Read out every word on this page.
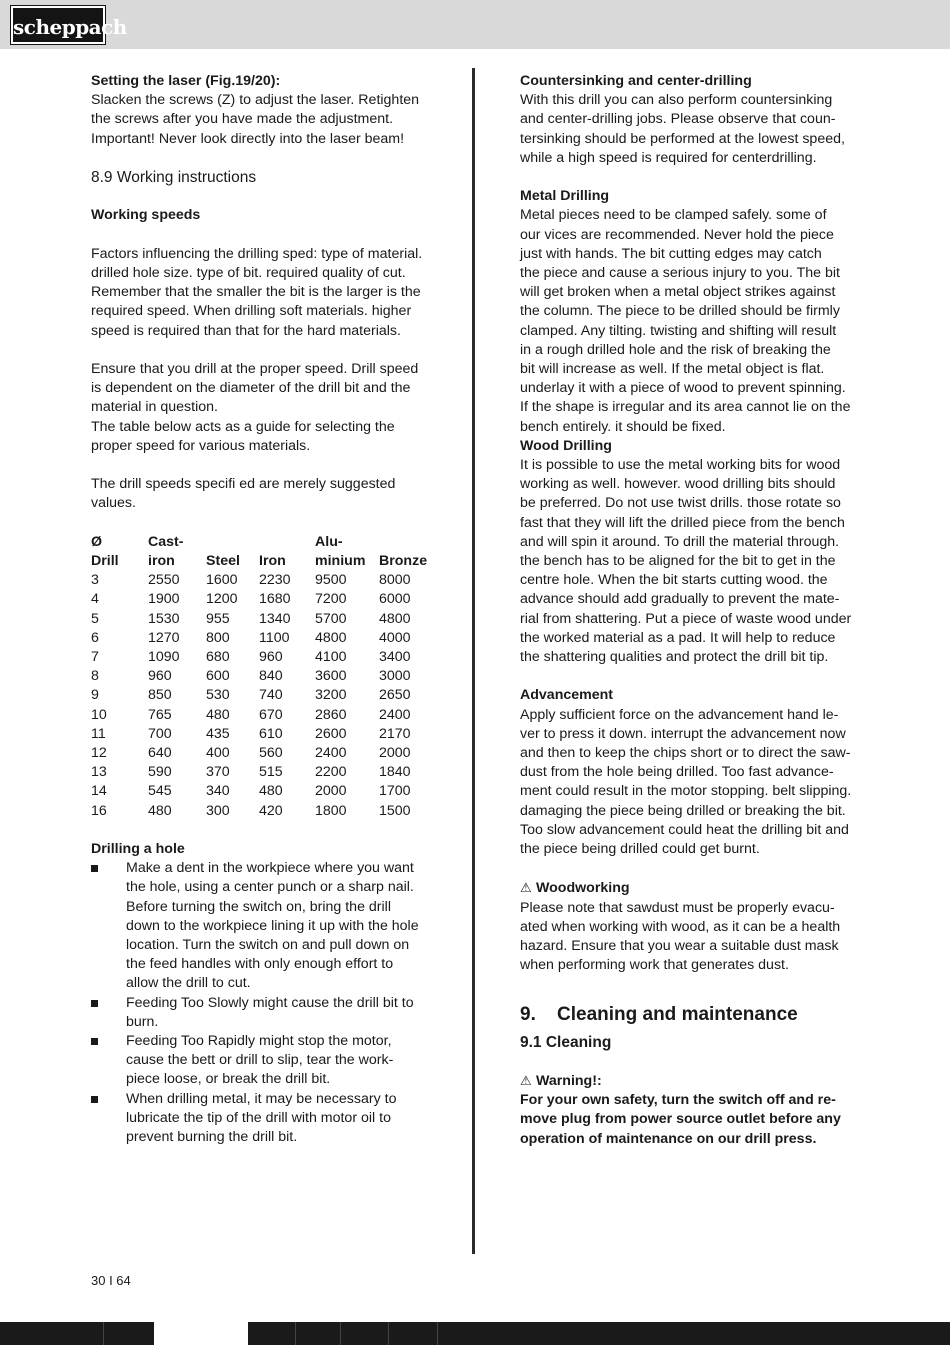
scheppach

Setting the laser (Fig.19/20):

Slacken the screws (Z) to adjust the laser. Retighten

the screws after you have made the adjustment.

Important! Never look directly into the laser beam!

8.9 Working instructions

Working speeds

Factors influencing the drilling sped: type of material.

drilled hole size. type of bit. required quality of cut.

Remember that the smaller the bit is the larger is the

required speed. When drilling soft materials. higher

speed is required than that for the hard materials.

Ensure that you drill at the proper speed. Drill speed

is dependent on the diameter of the drill bit and the

material in question.

The table below acts as a guide for selecting the

proper speed for various materials.

The drill speeds specifi ed are merely suggested

values.

Ø	Cast-			Alu-	
Drill	iron	Steel	Iron	minium	Bronze
3	2550	1600	2230	9500	8000
4	1900	1200	1680	7200	6000
5	1530	955	1340	5700	4800
6	1270	800	1100	4800	4000
7	1090	680	960	4100	3400
8	960	600	840	3600	3000
9	850	530	740	3200	2650
10	765	480	670	2860	2400
11	700	435	610	2600	2170
12	640	400	560	2400	2000
13	590	370	515	2200	1840
14	545	340	480	2000	1700
16	480	300	420	1800	1500

Drilling a hole

Make a dent in the workpiece where you want

the hole, using a center punch or a sharp nail.

Before turning the switch on, bring the drill

down to the workpiece lining it up with the hole

location. Turn the switch on and pull down on

the feed handles with only enough effort to

allow the drill to cut.

Feeding Too Slowly might cause the drill bit to

burn.

Feeding Too Rapidly might stop the motor,

cause the bett or drill to slip, tear the work-

piece loose, or break the drill bit.

When drilling metal, it may be necessary to

lubricate the tip of the drill with motor oil to

prevent burning the drill bit.

Countersinking and center-drilling

With this drill you can also perform countersinking

and center-drilling jobs. Please observe that coun-

tersinking should be performed at the lowest speed,

while a high speed is required for centerdrilling.

Metal Drilling

Metal pieces need to be clamped safely. some of

our vices are recommended. Never hold the piece

just with hands. The bit cutting edges may catch

the piece and cause a serious injury to you. The bit

will get broken when a metal object strikes against

the column. The piece to be drilled should be firmly

clamped. Any tilting. twisting and shifting will result

in a rough drilled hole and the risk of breaking the

bit will increase as well. If the metal object is flat.

underlay it with a piece of wood to prevent spinning.

If the shape is irregular and its area cannot lie on the

bench entirely. it should be fixed.

Wood Drilling

It is possible to use the metal working bits for wood

working as well. however. wood drilling bits should

be preferred. Do not use twist drills. those rotate so

fast that they will lift the drilled piece from the bench

and will spin it around. To drill the material through.

the bench has to be aligned for the bit to get in the

centre hole. When the bit starts cutting wood. the

advance should add gradually to prevent the mate-

rial from shattering. Put a piece of waste wood under

the worked material as a pad. It will help to reduce

the shattering qualities and protect the drill bit tip.

Advancement

Apply sufficient force on the advancement hand le-

ver to press it down. interrupt the advancement now

and then to keep the chips short or to direct the saw-

dust from the hole being drilled. Too fast advance-

ment could result in the motor stopping. belt slipping.

damaging the piece being drilled or breaking the bit.

Too slow advancement could heat the drilling bit and

the piece being drilled could get burnt.

⚠ Woodworking

Please note that sawdust must be properly evacu-

ated when working with wood, as it can be a health

hazard. Ensure that you wear a suitable dust mask

when performing work that generates dust.

9. Cleaning and maintenance

9.1 Cleaning

⚠ Warning!:

For your own safety, turn the switch off and re-

move plug from power source outlet before any

operation of maintenance on our drill press.

30 I 64
